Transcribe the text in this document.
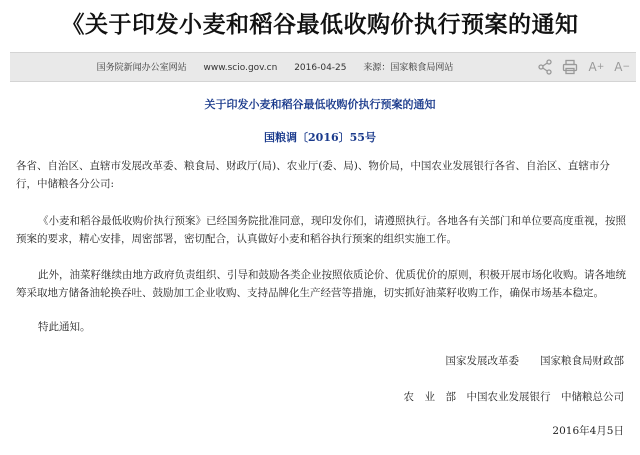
《关于印发小麦和稻谷最低收购价执行预案的通知
国务院新闻办公室网站 www.scio.gov.cn 2016-04-25 来源：国家粮食局网站	A + A −
关于印发小麦和稻谷最低收购价执行预案的通知
国粮调〔2016〕55号
各省、自治区、直辖市发展改革委、粮食局、财政厅(局)、农业厅(委、局)、物价局，中国农业发展银行各省、自治区、直辖市分行，中储粮各分公司:
《小麦和稻谷最低收购价执行预案》已经国务院批准同意，现印发你们，请遵照执行。各地各有关部门和单位要高度重视，按照预案的要求，精心安排，周密部署，密切配合，认真做好小麦和稻谷执行预案的组织实施工作。
此外，油菜籽继续由地方政府负责组织、引导和鼓励各类企业按照依质论价、优质优价的原则，积极开展市场化收购。请各地统筹采取地方储备油轮换吞吐、鼓励加工企业收购、支持品牌化生产经营等措施，切实抓好油菜籽收购工作，确保市场基本稳定。
特此通知。
国家发展改革委　　国家粮食局财政部
农　业　部　中国农业发展银行　中储粮总公司
2016年4月5日
